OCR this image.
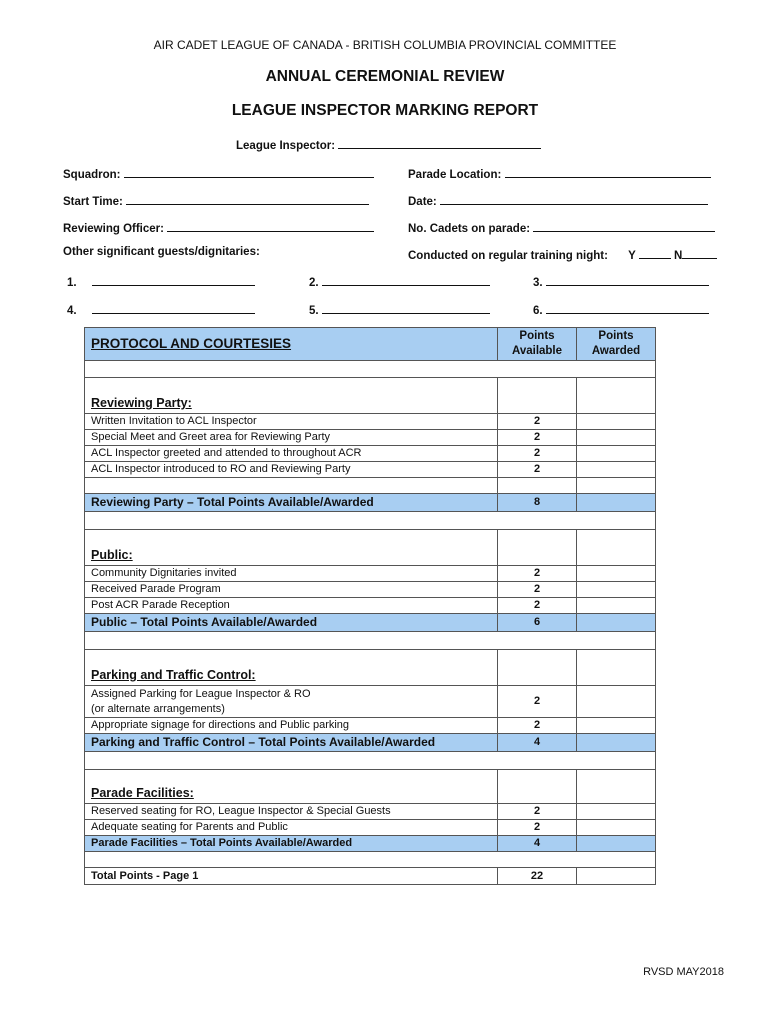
AIR CADET LEAGUE OF CANADA - BRITISH COLUMBIA PROVINCIAL COMMITTEE
ANNUAL CEREMONIAL REVIEW
LEAGUE INSPECTOR MARKING REPORT
League Inspector:
Squadron:	Parade Location:
Start Time:	Date:
Reviewing Officer:	No. Cadets on parade:
Other significant guests/dignitaries:	Conducted on regular training night: Y	N
1.	2.	3.
4.	5.	6.
PROTOCOL AND COURTESIES	Points Available	Points Awarded

Reviewing Party:		
Written Invitation to ACL Inspector	2	
Special Meet and Greet area for Reviewing Party	2	
ACL Inspector greeted and attended to throughout ACR	2	
ACL Inspector introduced to RO and Reviewing Party	2	

Reviewing Party – Total Points Available/Awarded	8	

Public:		
Community Dignitaries invited	2	
Received Parade Program	2	
Post ACR Parade Reception	2	
Public – Total Points Available/Awarded	6	

Parking and Traffic Control:		

Assigned Parking for League Inspector & RO
(or alternate arrangements)	2	
Appropriate signage for directions and Public parking	2	
Parking and Traffic Control – Total Points Available/Awarded	4	

Parade Facilities:		
Reserved seating for RO, League Inspector & Special Guests	2	
Adequate seating for Parents and Public	2	
Parade Facilities – Total Points Available/Awarded	4	

Total Points - Page 1	22	
RVSD MAY2018
